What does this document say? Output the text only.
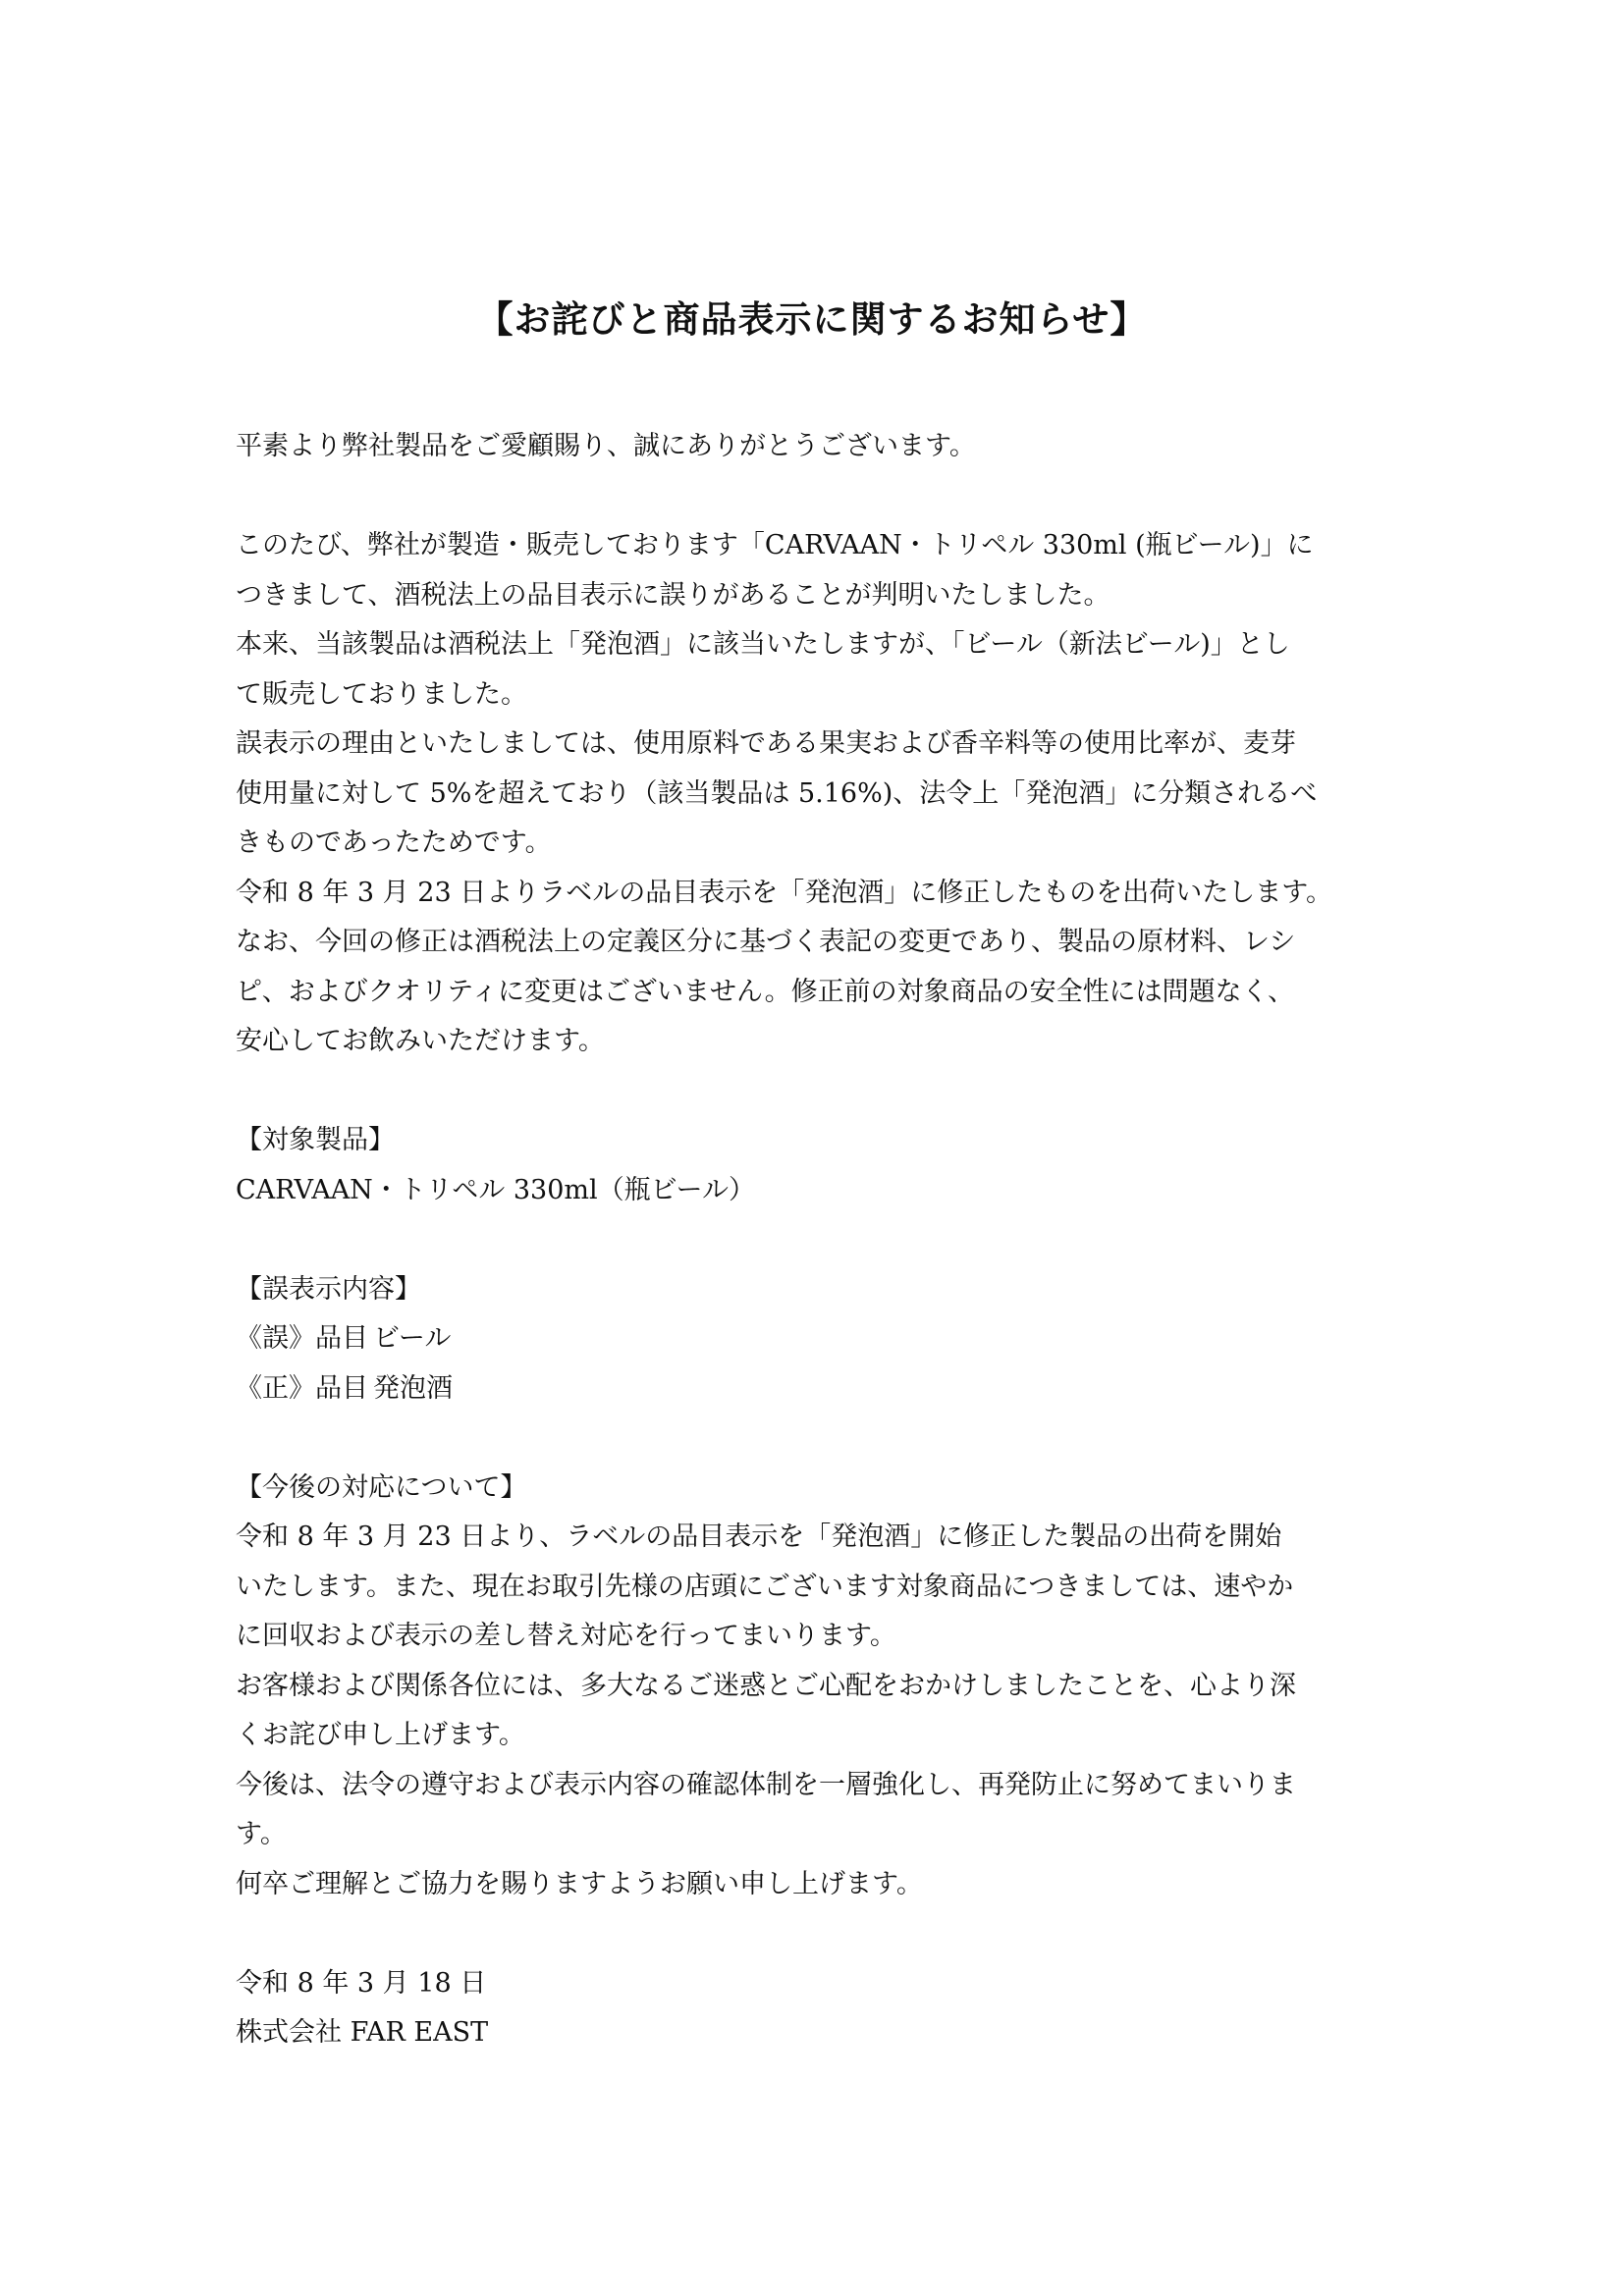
【お詫びと商品表示に関するお知らせ】
平素より弊社製品をご愛顧賜り、誠にありがとうございます。
このたび、弊社が製造・販売しております「CARVAAN・トリペル 330ml (瓶ビール)」に
つきまして、酒税法上の品目表示に誤りがあることが判明いたしました。
本来、当該製品は酒税法上「発泡酒」に該当いたしますが、「ビール（新法ビール)」とし
て販売しておりました。
誤表示の理由といたしましては、使用原料である果実および香辛料等の使用比率が、麦芽
使用量に対して 5%を超えており（該当製品は 5.16%)、法令上「発泡酒」に分類されるべ
きものであったためです。
令和 8 年 3 月 23 日よりラベルの品目表示を「発泡酒」に修正したものを出荷いたします。
なお、今回の修正は酒税法上の定義区分に基づく表記の変更であり、製品の原材料、レシ
ピ、およびクオリティに変更はございません。修正前の対象商品の安全性には問題なく、
安心してお飲みいただけます。
【対象製品】
CARVAAN・トリペル 330ml（瓶ビール）
【誤表示内容】
《誤》品目 ビール
《正》品目 発泡酒
【今後の対応について】
令和 8 年 3 月 23 日より、ラベルの品目表示を「発泡酒」に修正した製品の出荷を開始
いたします。また、現在お取引先様の店頭にございます対象商品につきましては、速やか
に回収および表示の差し替え対応を行ってまいります。
お客様および関係各位には、多大なるご迷惑とご心配をおかけしましたことを、心より深
くお詫び申し上げます。
今後は、法令の遵守および表示内容の確認体制を一層強化し、再発防止に努めてまいりま
す。
何卒ご理解とご協力を賜りますようお願い申し上げます。
令和 8 年 3 月 18 日
株式会社 FAR EAST
